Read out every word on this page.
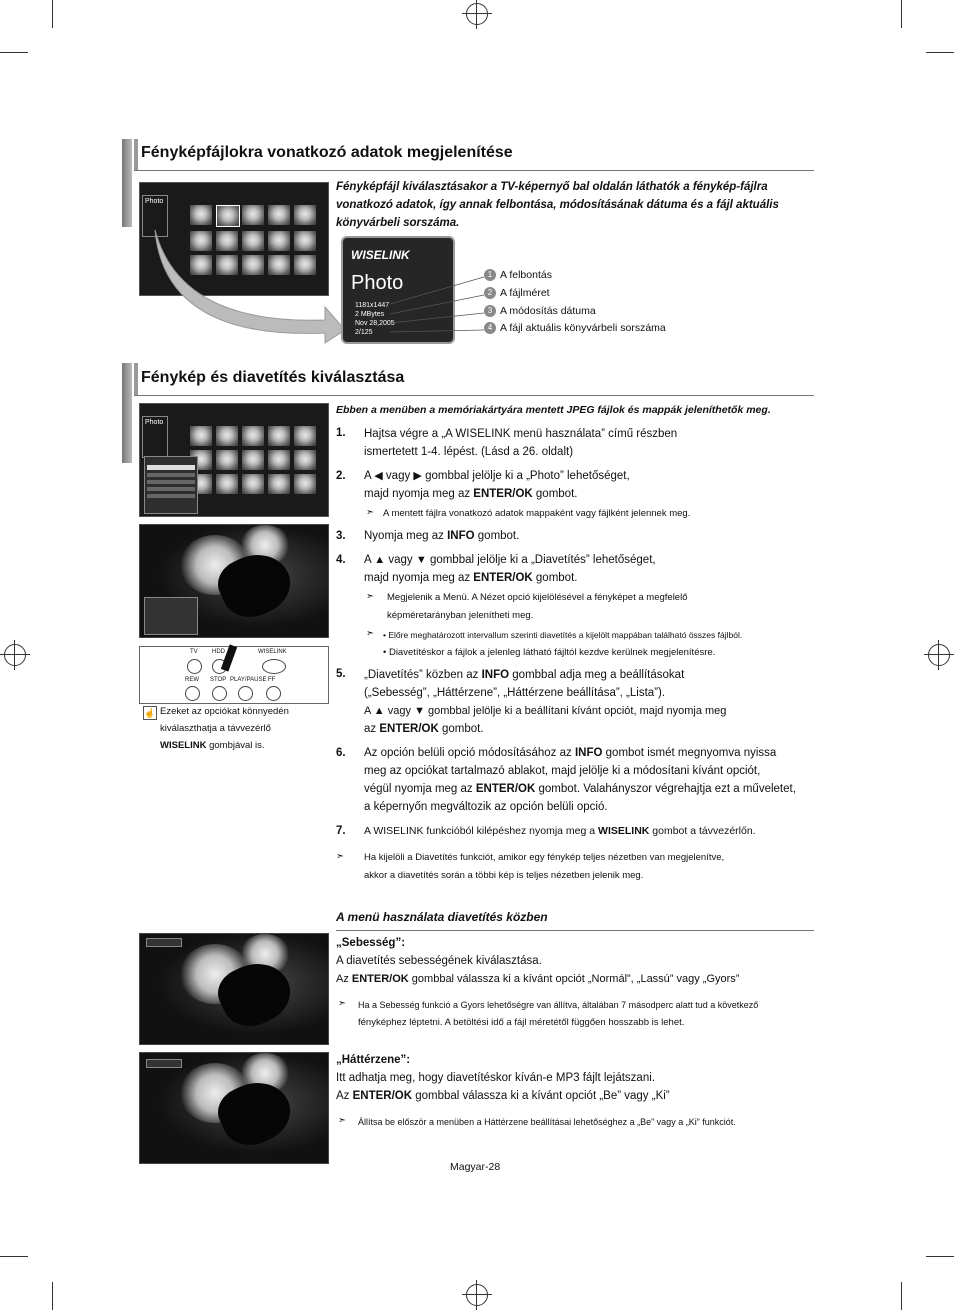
Fényképfájlokra vonatkozó adatok megjelenítése
Photo
WISELINK
Photo
1181x1447
2 MBytes
Nov 28,2005
2/125
Fényképfájl kiválasztásakor a TV-képernyő bal oldalán láthatók a fénykép-fájlra vonatkozó adatok, így annak felbontása, módosításának dátuma és a fájl aktuális könyvárbeli sorszáma.
1 A felbontás
2 A fájlméret
3 A módosítás dátuma
4 A fájl aktuális könyvárbeli sorszáma
Fénykép és diavetítés kiválasztása
Photo
TV HDD	WISELINK
REW STOP PLAY/PAUSE FF
☝ Ezeket az opciókat könnyedén
kiválaszthatja a távvezérlő
WISELINK gombjával is.
Ebben a menüben a memóriakártyára mentett JPEG fájlok és mappák jeleníthetők meg.
1. Hajtsa végre a „A WISELINK menü használata” című részben
ismertetett 1-4. lépést. (Lásd a 26. oldalt)
2. A ◀ vagy ▶ gombbal jelölje ki a „Photo” lehetőséget,
majd nyomja meg az ENTER/OK gombot.
➣ A mentett fájlra vonatkozó adatok mappaként vagy fájlként jelennek meg.
3. Nyomja meg az INFO gombot.
4. A ▲ vagy ▼ gombbal jelölje ki a „Diavetítés” lehetőséget,
majd nyomja meg az ENTER/OK gombot.
➣ Megjelenik a Menü. A Nézet opció kijelölésével a fényképet a megfelelő
képméretarányban jelenítheti meg.
➣ • Előre meghatározott intervallum szerinti diavetítés a kijelölt mappában található összes fájlból.
• Diavetítéskor a fájlok a jelenleg látható fájltól kezdve kerülnek megjelenítésre.
5. „Diavetítés” közben az INFO gombbal adja meg a beállításokat
(„Sebesség”, „Háttérzene”, „Háttérzene beállítása”, „Lista”).
A ▲ vagy ▼ gombbal jelölje ki a beállítani kívánt opciót, majd nyomja meg
az ENTER/OK gombot.
6. Az opción belüli opció módosításához az INFO gombot ismét megnyomva nyissa
meg az opciókat tartalmazó ablakot, majd jelölje ki a módosítani kívánt opciót,
végül nyomja meg az ENTER/OK gombot. Valahányszor végrehajtja ezt a műveletet,
a képernyőn megváltozik az opción belüli opció.
7. A WISELINK funkcióból kilépéshez nyomja meg a WISELINK gombot a távvezérlőn.
➣ Ha kijelöli a Diavetítés funkciót, amikor egy fénykép teljes nézetben van megjelenítve,
akkor a diavetítés során a többi kép is teljes nézetben jelenik meg.
A menü használata diavetítés közben
„Sebesség”:
A diavetítés sebességének kiválasztása.
Az ENTER/OK gombbal válassza ki a kívánt opciót „Normál”, „Lassú” vagy „Gyors”
➣ Ha a Sebesség funkció a Gyors lehetőségre van állítva, általában 7 másodperc alatt tud a következő
fényképhez léptetni. A betöltési idő a fájl méretétől függően hosszabb is lehet.
„Háttérzene”:
Itt adhatja meg, hogy diavetítéskor kíván-e MP3 fájlt lejátszani.
Az ENTER/OK gombbal válassza ki a kívánt opciót „Be” vagy „Ki”
➣ Állítsa be először a menüben a Háttérzene beállításai lehetőséghez a „Be” vagy a „Ki” funkciót.
Magyar-28
